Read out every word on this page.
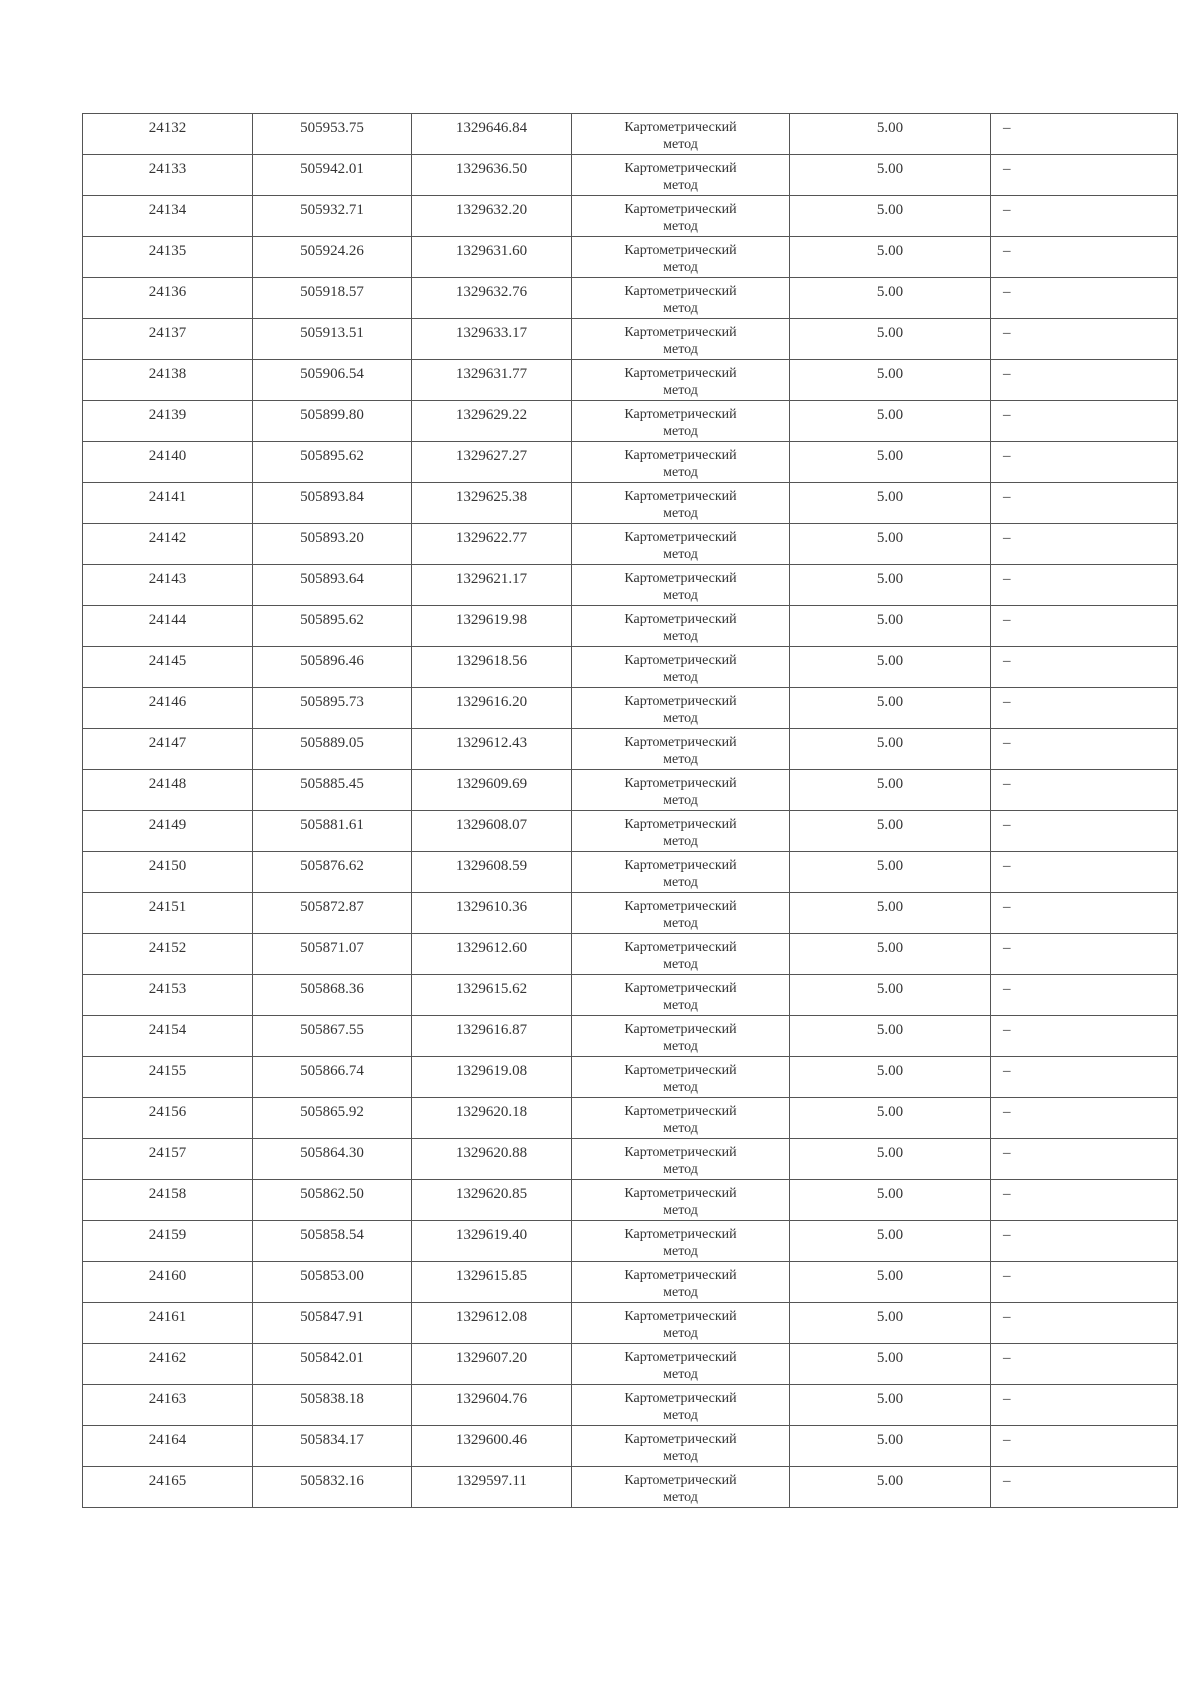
24132	505953.75	1329646.84	Картометрический
метод	5.00	–

24133	505942.01	1329636.50	Картометрический
метод	5.00	–

24134	505932.71	1329632.20	Картометрический
метод	5.00	–

24135	505924.26	1329631.60	Картометрический
метод	5.00	–

24136	505918.57	1329632.76	Картометрический
метод	5.00	–

24137	505913.51	1329633.17	Картометрический
метод	5.00	–

24138	505906.54	1329631.77	Картометрический
метод	5.00	–

24139	505899.80	1329629.22	Картометрический
метод	5.00	–

24140	505895.62	1329627.27	Картометрический
метод	5.00	–

24141	505893.84	1329625.38	Картометрический
метод	5.00	–

24142	505893.20	1329622.77	Картометрический
метод	5.00	–

24143	505893.64	1329621.17	Картометрический
метод	5.00	–

24144	505895.62	1329619.98	Картометрический
метод	5.00	–

24145	505896.46	1329618.56	Картометрический
метод	5.00	–

24146	505895.73	1329616.20	Картометрический
метод	5.00	–

24147	505889.05	1329612.43	Картометрический
метод	5.00	–

24148	505885.45	1329609.69	Картометрический
метод	5.00	–

24149	505881.61	1329608.07	Картометрический
метод	5.00	–

24150	505876.62	1329608.59	Картометрический
метод	5.00	–

24151	505872.87	1329610.36	Картометрический
метод	5.00	–

24152	505871.07	1329612.60	Картометрический
метод	5.00	–

24153	505868.36	1329615.62	Картометрический
метод	5.00	–

24154	505867.55	1329616.87	Картометрический
метод	5.00	–

24155	505866.74	1329619.08	Картометрический
метод	5.00	–

24156	505865.92	1329620.18	Картометрический
метод	5.00	–

24157	505864.30	1329620.88	Картометрический
метод	5.00	–

24158	505862.50	1329620.85	Картометрический
метод	5.00	–

24159	505858.54	1329619.40	Картометрический
метод	5.00	–

24160	505853.00	1329615.85	Картометрический
метод	5.00	–

24161	505847.91	1329612.08	Картометрический
метод	5.00	–

24162	505842.01	1329607.20	Картометрический
метод	5.00	–

24163	505838.18	1329604.76	Картометрический
метод	5.00	–

24164	505834.17	1329600.46	Картометрический
метод	5.00	–

24165	505832.16	1329597.11	Картометрический
метод	5.00	–
